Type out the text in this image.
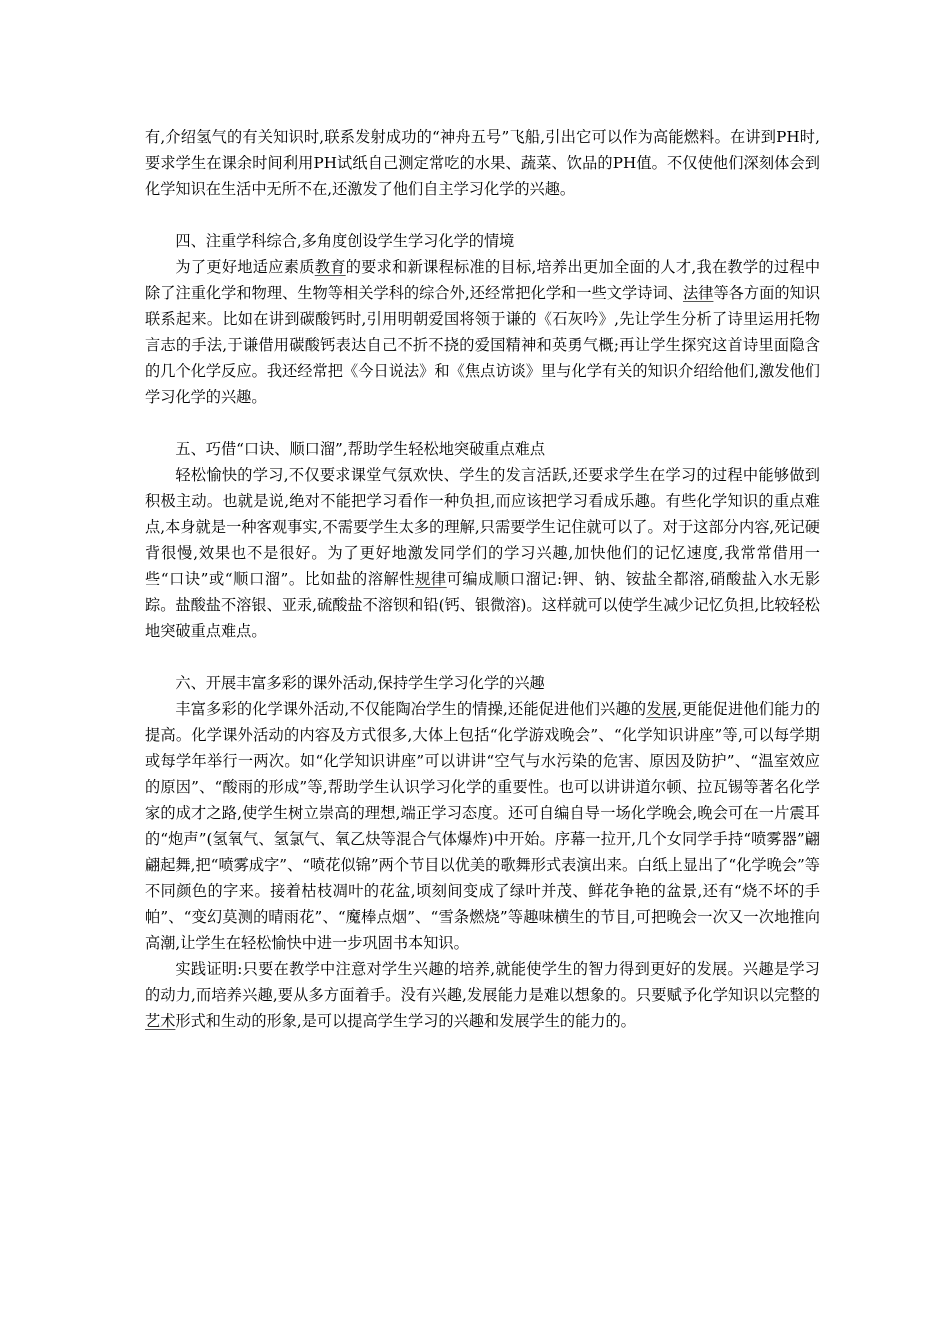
有,介绍氢气的有关知识时,联系发射成功的“神舟五号”飞船,引出它可以作为高能燃料。在讲到PH时,要求学生在课余时间利用PH试纸自己测定常吃的水果、蔬菜、饮品的PH值。不仅使他们深刻体会到化学知识在生活中无所不在,还激发了他们自主学习化学的兴趣。

四、注重学科综合,多角度创设学生学习化学的情境

为了更好地适应素质教育的要求和新课程标准的目标,培养出更加全面的人才,我在教学的过程中除了注重化学和物理、生物等相关学科的综合外,还经常把化学和一些文学诗词、法律等各方面的知识联系起来。比如在讲到碳酸钙时,引用明朝爱国将领于谦的《石灰吟》,先让学生分析了诗里运用托物言志的手法,于谦借用碳酸钙表达自己不折不挠的爱国精神和英勇气概;再让学生探究这首诗里面隐含的几个化学反应。我还经常把《今日说法》和《焦点访谈》里与化学有关的知识介绍给他们,激发他们学习化学的兴趣。

五、巧借“口诀、顺口溜”,帮助学生轻松地突破重点难点

轻松愉快的学习,不仅要求课堂气氛欢快、学生的发言活跃,还要求学生在学习的过程中能够做到积极主动。也就是说,绝对不能把学习看作一种负担,而应该把学习看成乐趣。有些化学知识的重点难点,本身就是一种客观事实,不需要学生太多的理解,只需要学生记住就可以了。对于这部分内容,死记硬背很慢,效果也不是很好。为了更好地激发同学们的学习兴趣,加快他们的记忆速度,我常常借用一些“口诀”或“顺口溜”。比如盐的溶解性规律可编成顺口溜记:钾、钠、铵盐全都溶,硝酸盐入水无影踪。盐酸盐不溶银、亚汞,硫酸盐不溶钡和铅(钙、银微溶)。这样就可以使学生减少记忆负担,比较轻松地突破重点难点。

六、开展丰富多彩的课外活动,保持学生学习化学的兴趣

丰富多彩的化学课外活动,不仅能陶冶学生的情操,还能促进他们兴趣的发展,更能促进他们能力的提高。化学课外活动的内容及方式很多,大体上包括“化学游戏晚会”、“化学知识讲座”等,可以每学期或每学年举行一两次。如“化学知识讲座”可以讲讲“空气与水污染的危害、原因及防护”、“温室效应的原因”、“酸雨的形成”等,帮助学生认识学习化学的重要性。也可以讲讲道尔顿、拉瓦锡等著名化学家的成才之路,使学生树立崇高的理想,端正学习态度。还可自编自导一场化学晚会,晚会可在一片震耳的“炮声”(氢氧气、氢氯气、氧乙炔等混合气体爆炸)中开始。序幕一拉开,几个女同学手持“喷雾器”翩翩起舞,把“喷雾成字”、“喷花似锦”两个节目以优美的歌舞形式表演出来。白纸上显出了“化学晚会”等不同颜色的字来。接着枯枝凋叶的花盆,顷刻间变成了绿叶并茂、鲜花争艳的盆景,还有“烧不坏的手帕”、“变幻莫测的晴雨花”、“魔棒点烟”、“雪条燃烧”等趣味横生的节目,可把晚会一次又一次地推向高潮,让学生在轻松愉快中进一步巩固书本知识。

实践证明:只要在教学中注意对学生兴趣的培养,就能使学生的智力得到更好的发展。兴趣是学习的动力,而培养兴趣,要从多方面着手。没有兴趣,发展能力是难以想象的。只要赋予化学知识以完整的艺术形式和生动的形象,是可以提高学生学习的兴趣和发展学生的能力的。
